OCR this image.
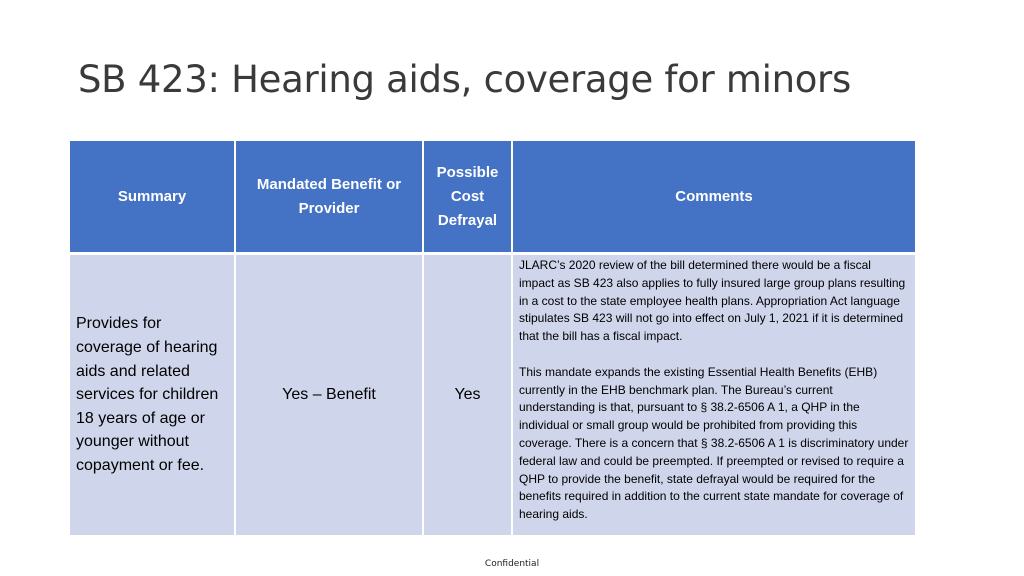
SB 423: Hearing aids, coverage for minors
Summary	Mandated Benefit or Provider	Possible Cost Defrayal	Comments
Provides for coverage of hearing aids and related services for children 18 years of age or younger without copayment or fee.	Yes – Benefit	Yes	JLARC’s 2020 review of the bill determined there would be a fiscal impact as SB 423 also applies to fully insured large group plans resulting in a cost to the state employee health plans. Appropriation Act language stipulates SB 423 will not go into effect on July 1, 2021 if it is determined that the bill has a fiscal impact.

This mandate expands the existing Essential Health Benefits (EHB) currently in the EHB benchmark plan. The Bureau’s current understanding is that, pursuant to § 38.2-6506 A 1, a QHP in the individual or small group would be prohibited from providing this coverage. There is a concern that § 38.2-6506 A 1 is discriminatory under federal law and could be preempted. If preempted or revised to require a QHP to provide the benefit, state defrayal would be required for the benefits required in addition to the current state mandate for coverage of hearing aids.

Confidential
